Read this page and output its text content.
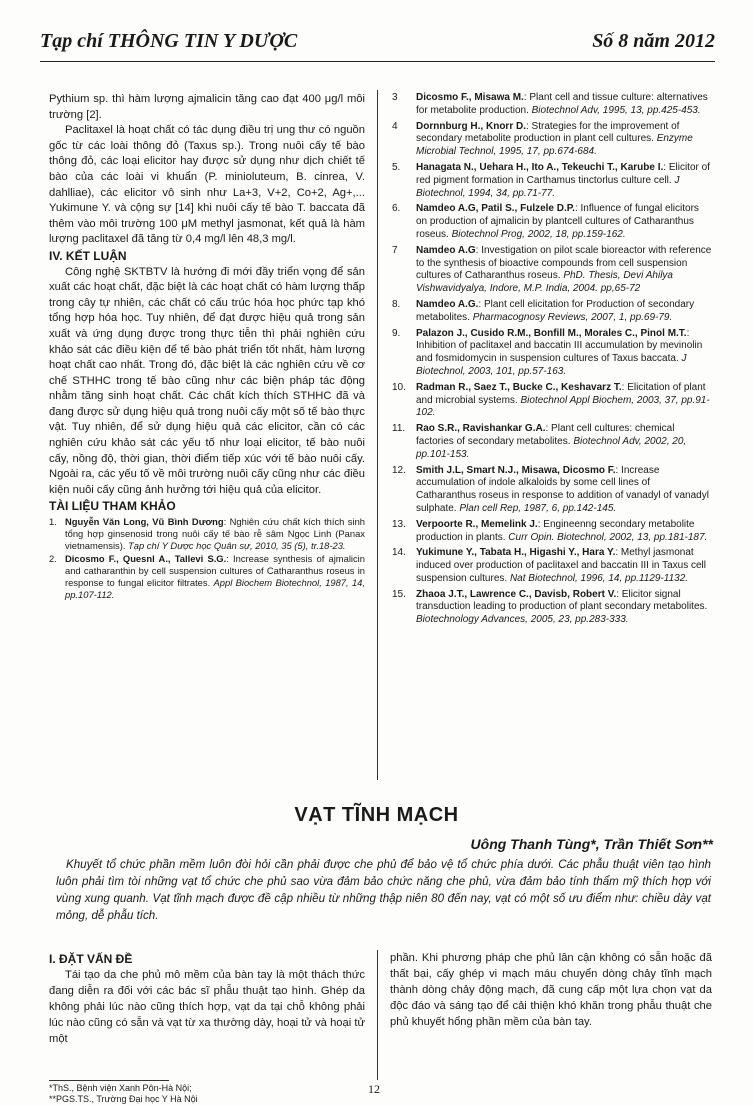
Tạp chí THÔNG TIN Y DƯỢC	Số 8 năm 2012
Pythium sp. thì hàm lượng ajmalicin tăng cao đạt 400 μg/l môi trường [2].
Paclitaxel là hoạt chất có tác dụng điều trị ung thư có nguồn gốc từ các loài thông đỏ (Taxus sp.). Trong nuôi cấy tế bào thông đỏ, các loại elicitor hay được sử dụng như dịch chiết tế bào của các loài vi khuẩn (P. minioluteum, B. cinrea, V. dahlliae), các elicitor vô sinh như La+3, V+2, Co+2, Ag+,... Yukimune Y. và cộng sự [14] khi nuôi cấy tế bào T. baccata đã thêm vào môi trường 100 μM methyl jasmonat, kết quả là hàm lượng paclitaxel đã tăng từ 0,4 mg/l lên 48,3 mg/l.
IV. KẾT LUẬN
Công nghệ SKTBTV là hướng đi mới đầy triển vọng để sản xuất các hoạt chất, đặc biệt là các hoạt chất có hàm lượng thấp trong cây tự nhiên, các chất có cấu trúc hóa học phức tạp khó tổng hợp hóa học. Tuy nhiên, để đạt được hiệu quả trong sản xuất và ứng dụng được trong thực tiễn thì phải nghiên cứu khảo sát các điều kiện để tế bào phát triển tốt nhất, hàm lượng hoạt chất cao nhất. Trong đó, đặc biệt là các nghiên cứu về cơ chế STHHC trong tế bào cũng như các biện pháp tác động nhằm tăng sinh hoạt chất. Các chất kích thích STHHC đã và đang được sử dụng hiệu quả trong nuôi cấy một số tế bào thực vật. Tuy nhiên, để sử dụng hiệu quả các elicitor, cần có các nghiên cứu khảo sát các yếu tố như loại elicitor, tế bào nuôi cấy, nồng độ, thời gian, thời điểm tiếp xúc với tế bào nuôi cấy. Ngoài ra, các yếu tố về môi trường nuôi cấy cũng như các điều kiện nuôi cấy cũng ảnh hưởng tới hiệu quả của elicitor.
TÀI LIỆU THAM KHẢO
1. Nguyễn Văn Long, Vũ Bình Dương: Nghiên cứu chất kích thích sinh tổng hợp ginsenosid trong nuôi cấy tế bào rễ sâm Ngọc Linh (Panax vietnamensis). Tạp chí Y Dược học Quân sự, 2010, 35 (5), tr.18-23.
2. Dicosmo F., Quesnl A., Tallevi S.G.: Increase synthesis of ajmalicin and catharanthin by cell suspension cultures of Catharanthus roseus in response to fungal elicitor filtrates. Appl Biochem Biotechnol, 1987, 14, pp.107-112.
3	Dicosmo F., Misawa M.: Plant cell and tissue culture: alternatives for metabolite production. Biotechnol Adv, 1995, 13, pp.425-453.
4	Dornnburg H., Knorr D.: Strategies for the improvement of secondary metabolite production in plant cell cultures. Enzyme Microbial Technol, 1995, 17, pp.674-684.
5.	Hanagata N., Uehara H., Ito A., Tekeuchi T., Karube I.: Elicitor of red pigment formation in Carthamus tinctorlus culture cell. J Biotechnol, 1994, 34, pp.71-77.
6.	Namdeo A.G, Patil S., Fulzele D.P.: Influence of fungal elicitors on production of ajmalicin by plantcell cultures of Catharanthus roseus. Biotechnol Prog, 2002, 18, pp.159-162.
7	Namdeo A.G: Investigation on pilot scale bioreactor with reference to the synthesis of bioactive compounds from cell suspension cultures of Catharanthus roseus. PhD. Thesis, Devi Ahilya Vishwavidyalya, Indore, M.P. India, 2004. pp,65-72
8.	Namdeo A.G.: Plant cell elicitation for Production of secondary metabolites. Pharmacognosy Reviews, 2007, 1, pp.69-79.
9.	Palazon J., Cusido R.M., Bonfill M., Morales C., Pinol M.T.: Inhibition of paclitaxel and baccatin III accumulation by mevinolin and fosmidomycin in suspension cultures of Taxus baccata. J Biotechnol, 2003, 101, pp.57-163.
10.	Radman R., Saez T., Bucke C., Keshavarz T.: Elicitation of plant and microbial systems. Biotechnol Appl Biochem, 2003, 37, pp.91-102.
11.	Rao S.R., Ravishankar G.A.: Plant cell cultures: chemical factories of secondary metabolites. Biotechnol Adv, 2002, 20, pp.101-153.
12.	Smith J.L, Smart N.J., Misawa, Dicosmo F.: Increase accumulation of indole alkaloids by some cell lines of Catharanthus roseus in response to addition of vanadyl of vanadyl sulphate. Plan cell Rep, 1987, 6, pp.142-145.
13.	Verpoorte R., Memelink J.: Engineenng secondary metabolite production in plants. Curr Opin. Biotechnol, 2002, 13, pp.181-187.
14.	Yukimune Y., Tabata H., Higashi Y., Hara Y.: Methyl jasmonat induced over production of paclitaxel and baccatin III in Taxus cell suspension cultures. Nat Biotechnol, 1996, 14, pp.1129-1132.
15.	Zhaoa J.T., Lawrence C., Davisb, Robert V.: Elicitor signal transduction leading to production of plant secondary metabolites. Biotechnology Advances, 2005, 23, pp.283-333.
VẠT TĨNH MẠCH
Uông Thanh Tùng*, Trần Thiết Sơn**
Khuyết tổ chức phần mềm luôn đòi hỏi cần phải được che phủ để bảo vệ tổ chức phía dưới. Các phẫu thuật viên tạo hình luôn phải tìm tòi những vạt tổ chức che phủ sao vừa đảm bảo chức năng che phủ, vừa đảm bảo tính thẩm mỹ thích hợp với vùng xung quanh. Vạt tĩnh mạch được đề cập nhiều từ những thập niên 80 đến nay, vạt có một số ưu điểm như: chiều dày vạt mỏng, dễ phẫu tích.
I. ĐẶT VẤN ĐỀ
Tái tạo da che phủ mô mềm của bàn tay là một thách thức đang diễn ra đối với các bác sĩ phẫu thuật tạo hình. Ghép da không phải lúc nào cũng thích hợp, vạt da tại chỗ không phải lúc nào cũng có sẵn và vạt từ xa thường dày, hoại tử và hoại tử một
phần. Khi phương pháp che phủ lân cận không có sẵn hoặc đã thất bại, cấy ghép vi mạch máu chuyển dòng chảy tĩnh mạch thành dòng chảy động mạch, đã cung cấp một lựa chọn vạt da độc đáo và sáng tạo để cải thiện khó khăn trong phẫu thuật che phủ khuyết hổng phần mềm của bàn tay.
*ThS., Bệnh viện Xanh Pôn-Hà Nội;
**PGS.TS., Trường Đại học Y Hà Nội
12
